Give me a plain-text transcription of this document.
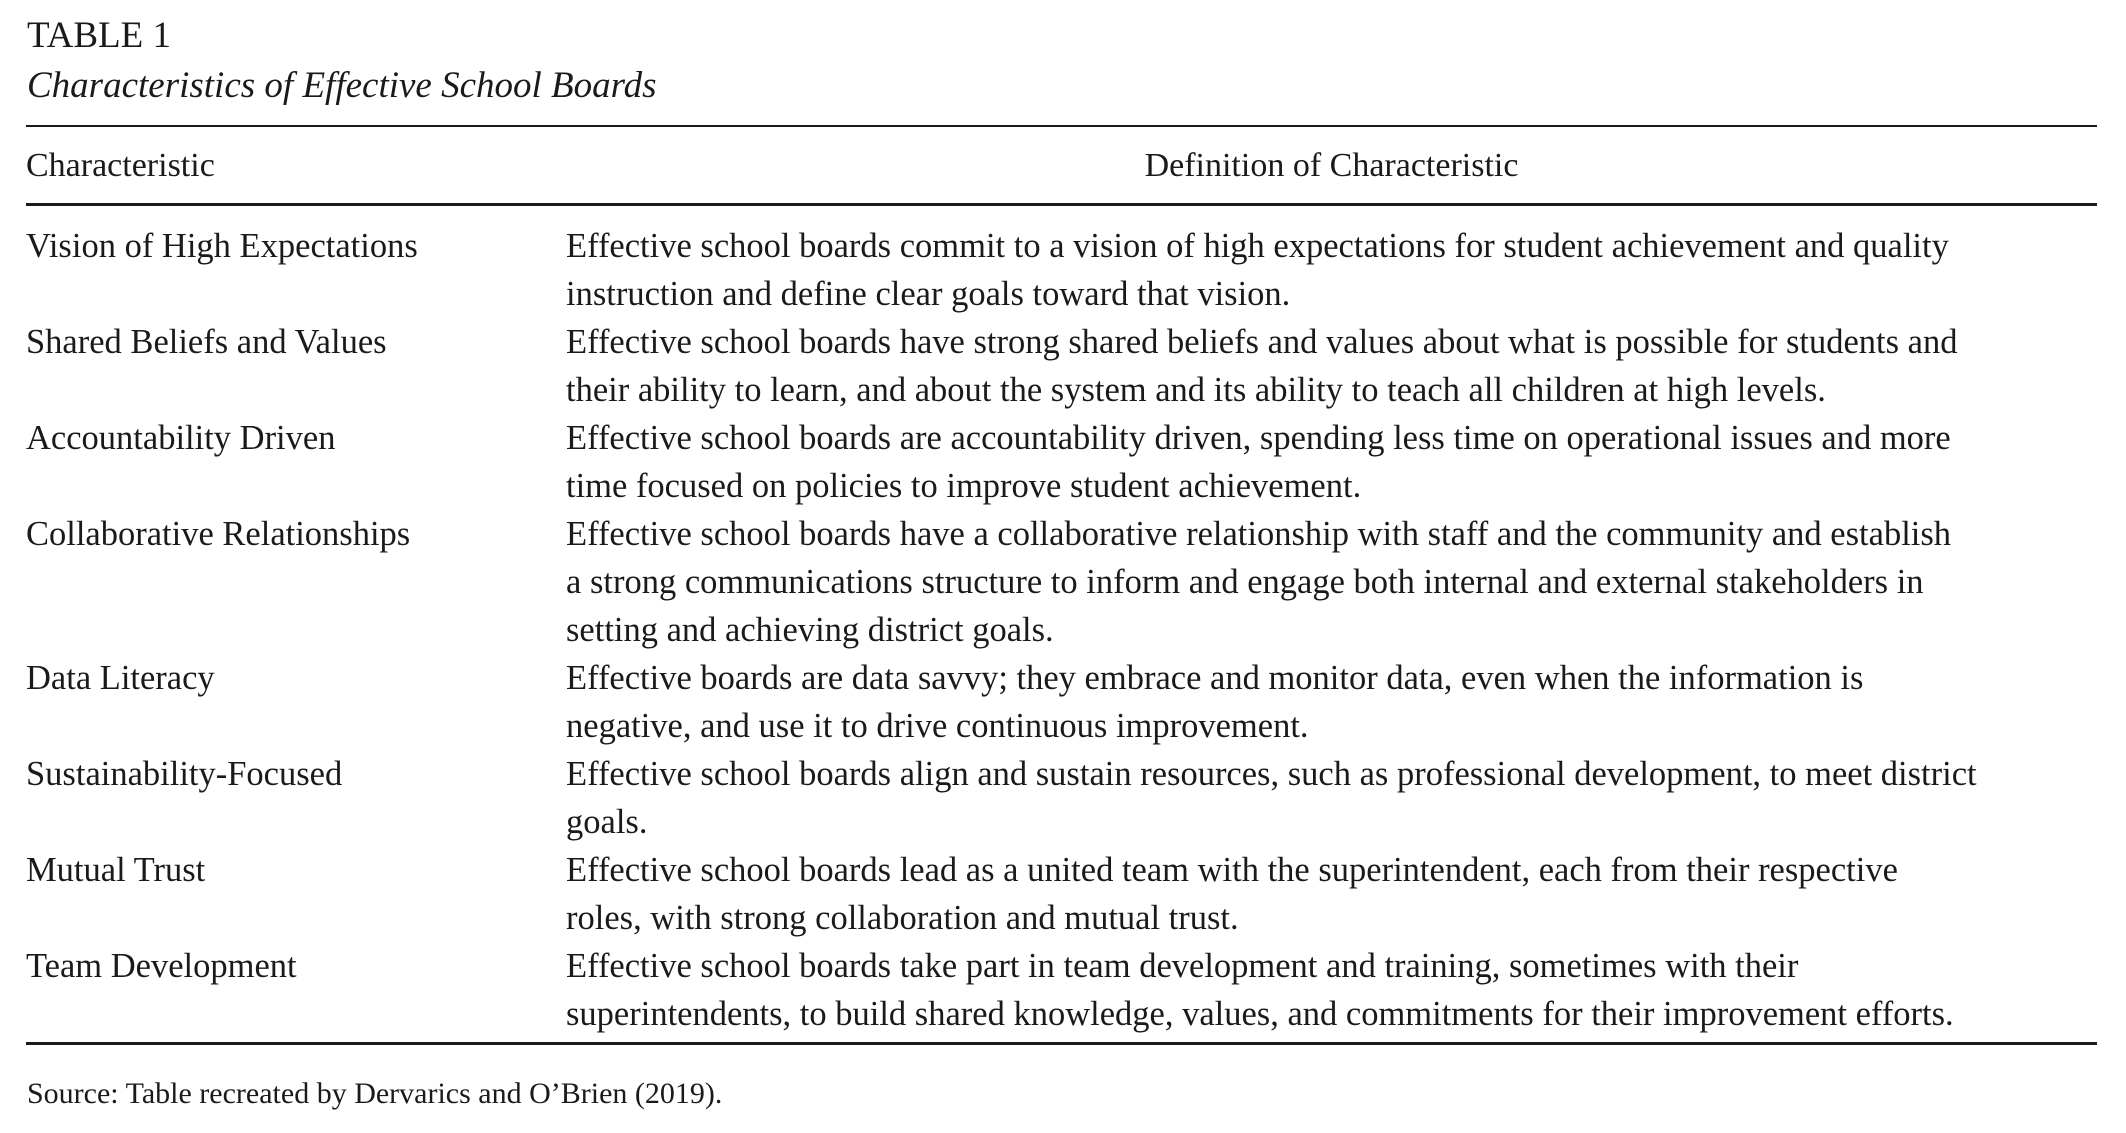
TABLE 1
Characteristics of Effective School Boards
Characteristic	Definition of Characteristic
Vision of High Expectations	Effective school boards commit to a vision of high expectations for student achievement and quality
instruction and define clear goals toward that vision.
Shared Beliefs and Values	Effective school boards have strong shared beliefs and values about what is possible for students and
their ability to learn, and about the system and its ability to teach all children at high levels.
Accountability Driven	Effective school boards are accountability driven, spending less time on operational issues and more
time focused on policies to improve student achievement.
Collaborative Relationships	Effective school boards have a collaborative relationship with staff and the community and establish
a strong communications structure to inform and engage both internal and external stakeholders in
setting and achieving district goals.
Data Literacy	Effective boards are data savvy; they embrace and monitor data, even when the information is
negative, and use it to drive continuous improvement.
Sustainability-Focused	Effective school boards align and sustain resources, such as professional development, to meet district
goals.
Mutual Trust	Effective school boards lead as a united team with the superintendent, each from their respective
roles, with strong collaboration and mutual trust.
Team Development	Effective school boards take part in team development and training, sometimes with their
superintendents, to build shared knowledge, values, and commitments for their improvement efforts.
Source: Table recreated by Dervarics and O’Brien (2019).
